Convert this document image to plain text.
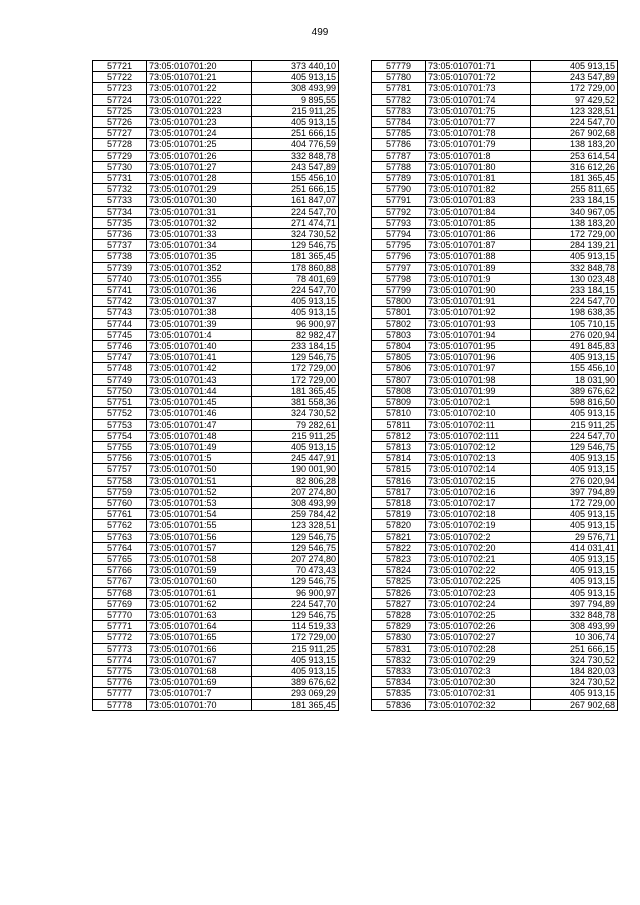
499
57721	73:05:010701:20	373 440,10
57722	73:05:010701:21	405 913,15
57723	73:05:010701:22	308 493,99
57724	73:05:010701:222	9 895,55
57725	73:05:010701:223	215 911,25
57726	73:05:010701:23	405 913,15
57727	73:05:010701:24	251 666,15
57728	73:05:010701:25	404 776,59
57729	73:05:010701:26	332 848,78
57730	73:05:010701:27	243 547,89
57731	73:05:010701:28	155 456,10
57732	73:05:010701:29	251 666,15
57733	73:05:010701:30	161 847,07
57734	73:05:010701:31	224 547,70
57735	73:05:010701:32	271 474,71
57736	73:05:010701:33	324 730,52
57737	73:05:010701:34	129 546,75
57738	73:05:010701:35	181 365,45
57739	73:05:010701:352	178 860,88
57740	73:05:010701:355	78 401,69
57741	73:05:010701:36	224 547,70
57742	73:05:010701:37	405 913,15
57743	73:05:010701:38	405 913,15
57744	73:05:010701:39	96 900,97
57745	73:05:010701:4	82 982,47
57746	73:05:010701:40	233 184,15
57747	73:05:010701:41	129 546,75
57748	73:05:010701:42	172 729,00
57749	73:05:010701:43	172 729,00
57750	73:05:010701:44	181 365,45
57751	73:05:010701:45	381 558,36
57752	73:05:010701:46	324 730,52
57753	73:05:010701:47	79 282,61
57754	73:05:010701:48	215 911,25
57755	73:05:010701:49	405 913,15
57756	73:05:010701:5	245 447,91
57757	73:05:010701:50	190 001,90
57758	73:05:010701:51	82 806,28
57759	73:05:010701:52	207 274,80
57760	73:05:010701:53	308 493,99
57761	73:05:010701:54	259 784,42
57762	73:05:010701:55	123 328,51
57763	73:05:010701:56	129 546,75
57764	73:05:010701:57	129 546,75
57765	73:05:010701:58	207 274,80
57766	73:05:010701:59	70 473,43
57767	73:05:010701:60	129 546,75
57768	73:05:010701:61	96 900,97
57769	73:05:010701:62	224 547,70
57770	73:05:010701:63	129 546,75
57771	73:05:010701:64	114 519,33
57772	73:05:010701:65	172 729,00
57773	73:05:010701:66	215 911,25
57774	73:05:010701:67	405 913,15
57775	73:05:010701:68	405 913,15
57776	73:05:010701:69	389 676,62
57777	73:05:010701:7	293 069,29
57778	73:05:010701:70	181 365,45
57779	73:05:010701:71	405 913,15
57780	73:05:010701:72	243 547,89
57781	73:05:010701:73	172 729,00
57782	73:05:010701:74	97 429,52
57783	73:05:010701:75	123 328,51
57784	73:05:010701:77	224 547,70
57785	73:05:010701:78	267 902,68
57786	73:05:010701:79	138 183,20
57787	73:05:010701:8	253 614,54
57788	73:05:010701:80	316 612,26
57789	73:05:010701:81	181 365,45
57790	73:05:010701:82	255 811,65
57791	73:05:010701:83	233 184,15
57792	73:05:010701:84	340 967,05
57793	73:05:010701:85	138 183,20
57794	73:05:010701:86	172 729,00
57795	73:05:010701:87	284 139,21
57796	73:05:010701:88	405 913,15
57797	73:05:010701:89	332 848,78
57798	73:05:010701:9	130 023,48
57799	73:05:010701:90	233 184,15
57800	73:05:010701:91	224 547,70
57801	73:05:010701:92	198 638,35
57802	73:05:010701:93	105 710,15
57803	73:05:010701:94	276 020,94
57804	73:05:010701:95	491 845,83
57805	73:05:010701:96	405 913,15
57806	73:05:010701:97	155 456,10
57807	73:05:010701:98	18 031,90
57808	73:05:010701:99	389 676,62
57809	73:05:010702:1	598 816,50
57810	73:05:010702:10	405 913,15
57811	73:05:010702:11	215 911,25
57812	73:05:010702:111	224 547,70
57813	73:05:010702:12	129 546,75
57814	73:05:010702:13	405 913,15
57815	73:05:010702:14	405 913,15
57816	73:05:010702:15	276 020,94
57817	73:05:010702:16	397 794,89
57818	73:05:010702:17	172 729,00
57819	73:05:010702:18	405 913,15
57820	73:05:010702:19	405 913,15
57821	73:05:010702:2	29 576,71
57822	73:05:010702:20	414 031,41
57823	73:05:010702:21	405 913,15
57824	73:05:010702:22	405 913,15
57825	73:05:010702:225	405 913,15
57826	73:05:010702:23	405 913,15
57827	73:05:010702:24	397 794,89
57828	73:05:010702:25	332 848,78
57829	73:05:010702:26	308 493,99
57830	73:05:010702:27	10 306,74
57831	73:05:010702:28	251 666,15
57832	73:05:010702:29	324 730,52
57833	73:05:010702:3	184 820,03
57834	73:05:010702:30	324 730,52
57835	73:05:010702:31	405 913,15
57836	73:05:010702:32	267 902,68
